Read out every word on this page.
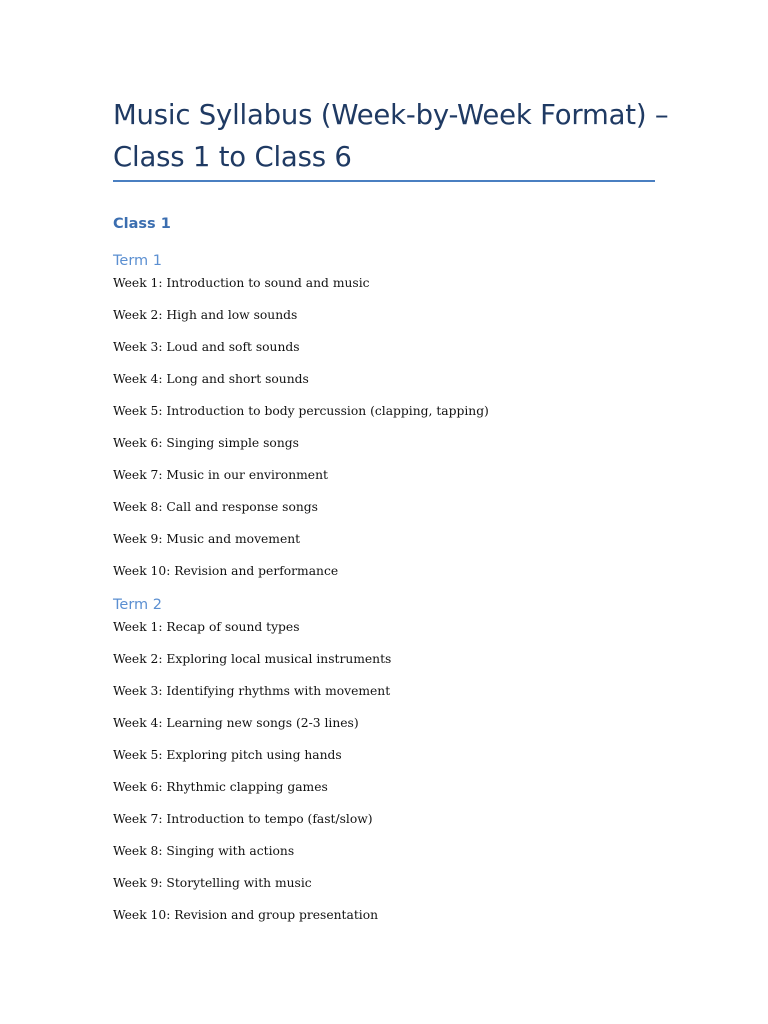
Music Syllabus (Week-by-Week Format) – Class 1 to Class 6
Class 1
Term 1
Week 1: Introduction to sound and music
Week 2: High and low sounds
Week 3: Loud and soft sounds
Week 4: Long and short sounds
Week 5: Introduction to body percussion (clapping, tapping)
Week 6: Singing simple songs
Week 7: Music in our environment
Week 8: Call and response songs
Week 9: Music and movement
Week 10: Revision and performance
Term 2
Week 1: Recap of sound types
Week 2: Exploring local musical instruments
Week 3: Identifying rhythms with movement
Week 4: Learning new songs (2-3 lines)
Week 5: Exploring pitch using hands
Week 6: Rhythmic clapping games
Week 7: Introduction to tempo (fast/slow)
Week 8: Singing with actions
Week 9: Storytelling with music
Week 10: Revision and group presentation
